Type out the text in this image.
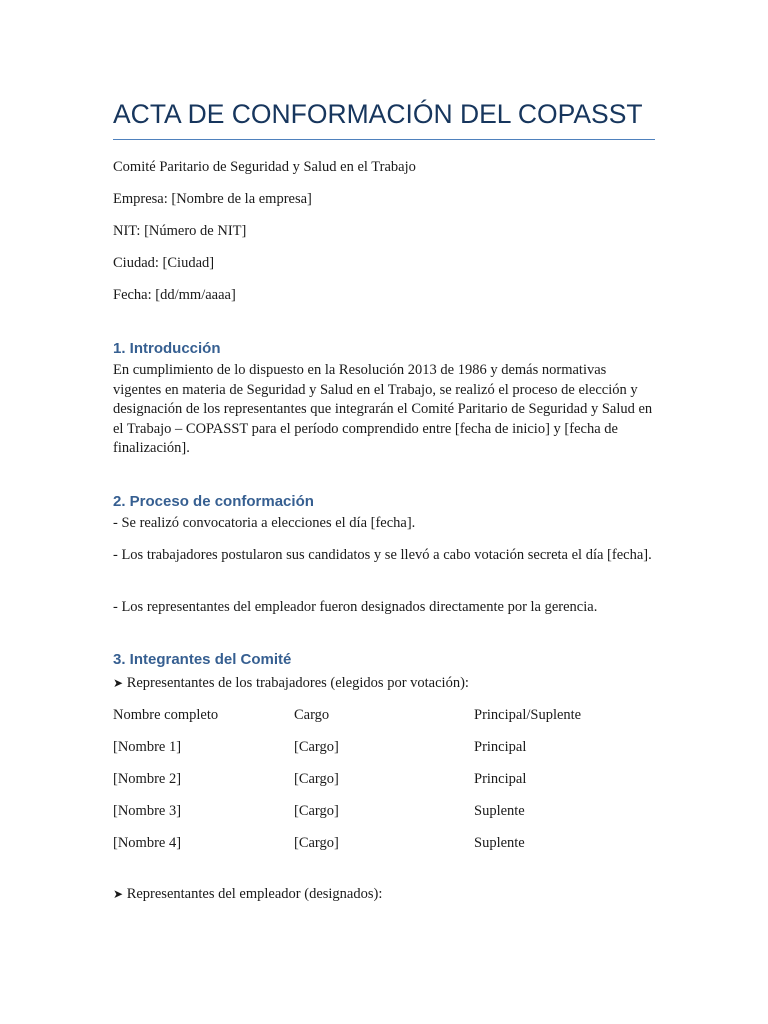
ACTA DE CONFORMACIÓN DEL COPASST
Comité Paritario de Seguridad y Salud en el Trabajo
Empresa: [Nombre de la empresa]
NIT: [Número de NIT]
Ciudad: [Ciudad]
Fecha: [dd/mm/aaaa]
1. Introducción
En cumplimiento de lo dispuesto en la Resolución 2013 de 1986 y demás normativas vigentes en materia de Seguridad y Salud en el Trabajo, se realizó el proceso de elección y designación de los representantes que integrarán el Comité Paritario de Seguridad y Salud en el Trabajo – COPASST para el período comprendido entre [fecha de inicio] y [fecha de finalización].
2. Proceso de conformación
- Se realizó convocatoria a elecciones el día [fecha].
- Los trabajadores postularon sus candidatos y se llevó a cabo votación secreta el día [fecha].
- Los representantes del empleador fueron designados directamente por la gerencia.
3. Integrantes del Comité
➤ Representantes de los trabajadores (elegidos por votación):
Nombre completo	Cargo	Principal/Suplente
[Nombre 1]	[Cargo]	Principal
[Nombre 2]	[Cargo]	Principal
[Nombre 3]	[Cargo]	Suplente
[Nombre 4]	[Cargo]	Suplente
➤ Representantes del empleador (designados):
